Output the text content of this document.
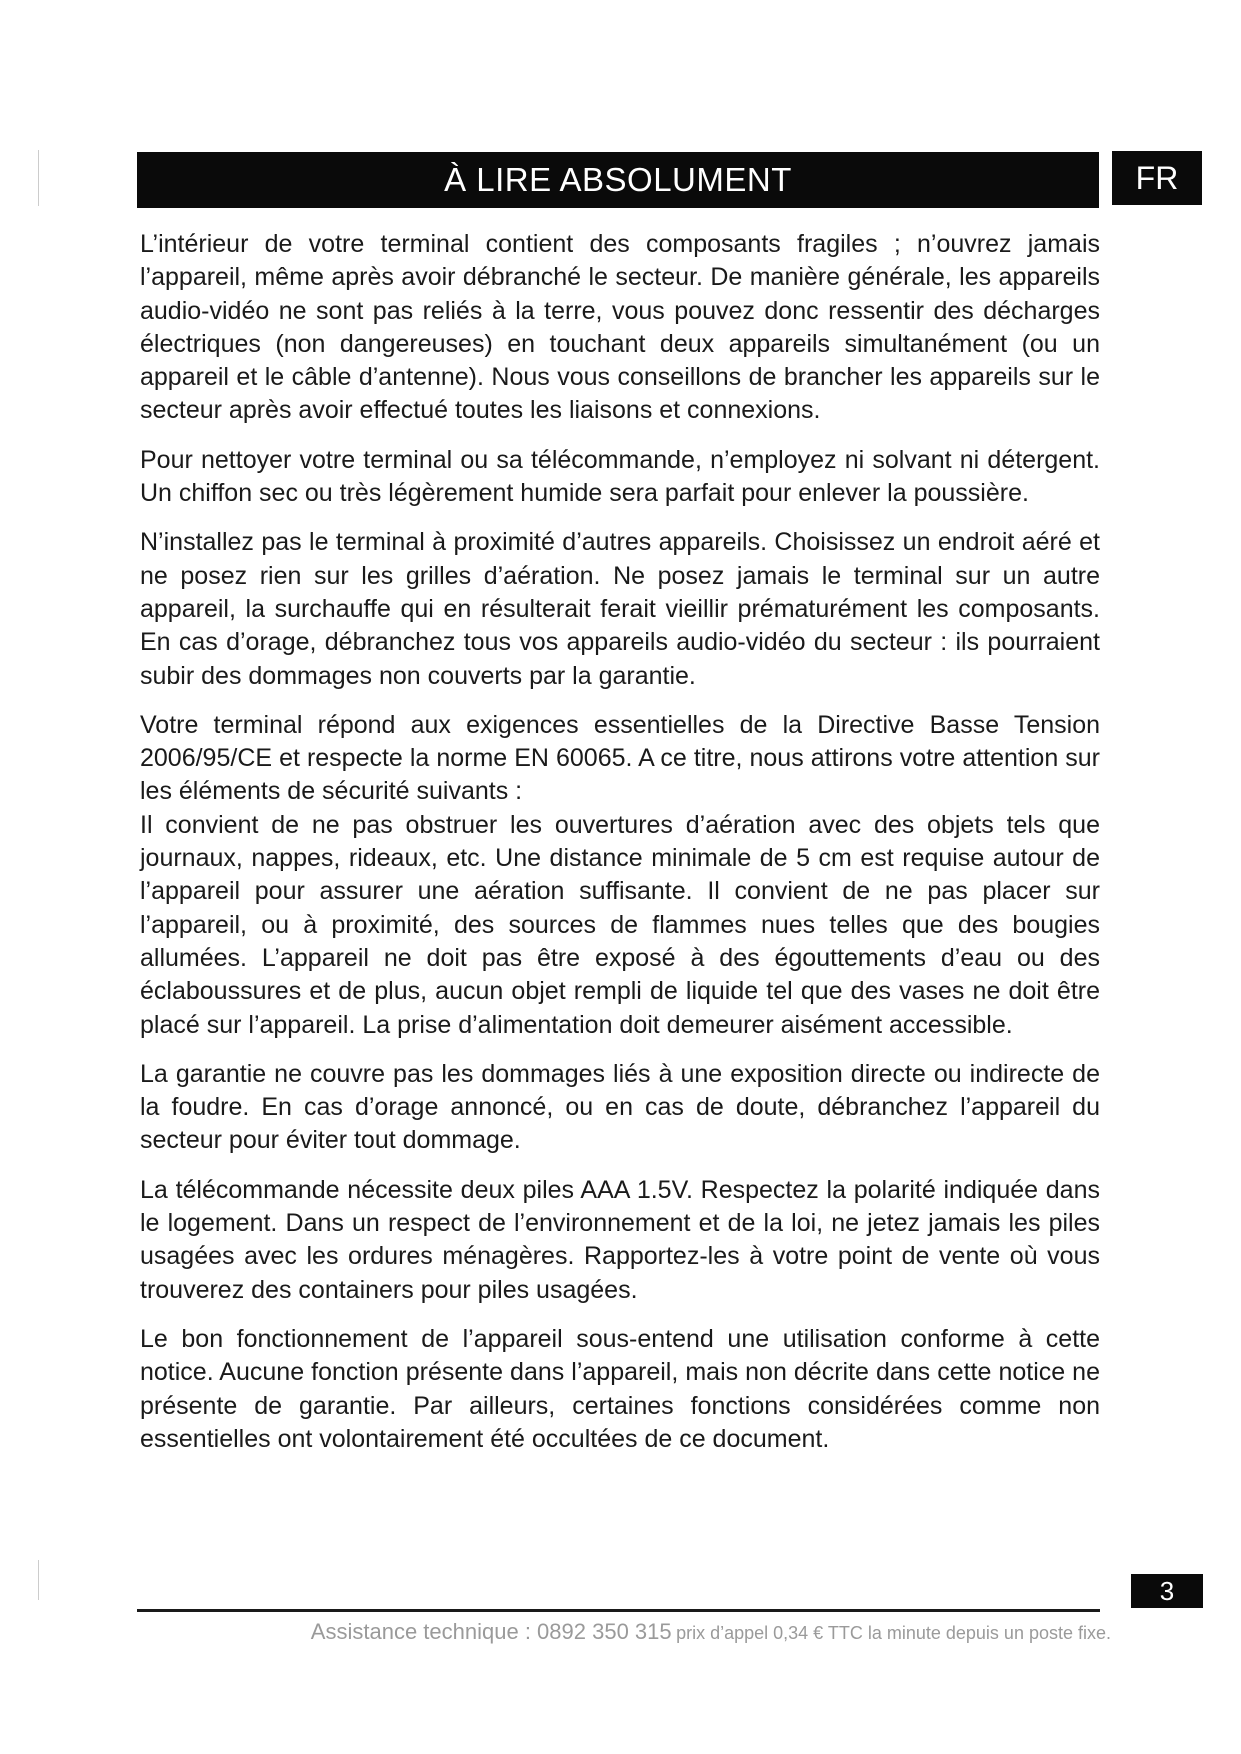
À LIRE ABSOLUMENT	FR

L’intérieur de votre terminal contient des composants fragiles ; n’ouvrez jamais l’appareil, même après avoir débranché le secteur. De manière générale, les appareils audio-vidéo ne sont pas reliés à la terre, vous pouvez donc ressentir des décharges électriques (non dangereuses) en touchant deux appareils simultanément (ou un appareil et le câble d’antenne). Nous vous conseillons de brancher les appareils sur le secteur après avoir effectué toutes les liaisons et connexions.

Pour nettoyer votre terminal ou sa télécommande, n’employez ni solvant ni détergent. Un chiffon sec ou très légèrement humide sera parfait pour enlever la poussière.

N’installez pas le terminal à proximité d’autres appareils. Choisissez un endroit aéré et ne posez rien sur les grilles d’aération. Ne posez jamais le terminal sur un autre appareil, la surchauffe qui en résulterait ferait vieillir prématurément les composants. En cas d’orage, débranchez tous vos appareils audio-vidéo du secteur : ils pourraient subir des dommages non couverts par la garantie.

Votre terminal répond aux exigences essentielles de la Directive Basse Tension 2006/95/CE et respecte la norme EN 60065. A ce titre, nous attirons votre attention sur les éléments de sécurité suivants :

Il convient de ne pas obstruer les ouvertures d’aération avec des objets tels que journaux, nappes, rideaux, etc. Une distance minimale de 5 cm est requise autour de l’appareil pour assurer une aération suffisante. Il convient de ne pas placer sur l’appareil, ou à proximité, des sources de flammes nues telles que des bougies allumées. L’appareil ne doit pas être exposé à des égouttements d’eau ou des éclaboussures et de plus, aucun objet rempli de liquide tel que des vases ne doit être placé sur l’appareil. La prise d’alimentation doit demeurer aisément accessible.

La garantie ne couvre pas les dommages liés à une exposition directe ou indirecte de la foudre. En cas d’orage annoncé, ou en cas de doute, débranchez l’appareil du secteur pour éviter tout dommage.

La télécommande nécessite deux piles AAA 1.5V. Respectez la polarité indiquée dans le logement. Dans un respect de l’environnement et de la loi, ne jetez jamais les piles usagées avec les ordures ménagères. Rapportez-les à votre point de vente où vous trouverez des containers pour piles usagées.

Le bon fonctionnement de l’appareil sous-entend une utilisation conforme à cette notice. Aucune fonction présente dans l’appareil, mais non décrite dans cette notice ne présente de garantie. Par ailleurs, certaines fonctions considérées comme non essentielles ont volontairement été occultées de ce document.

3
Assistance technique : 0892 350 315 prix d’appel 0,34 € TTC la minute depuis un poste fixe.
